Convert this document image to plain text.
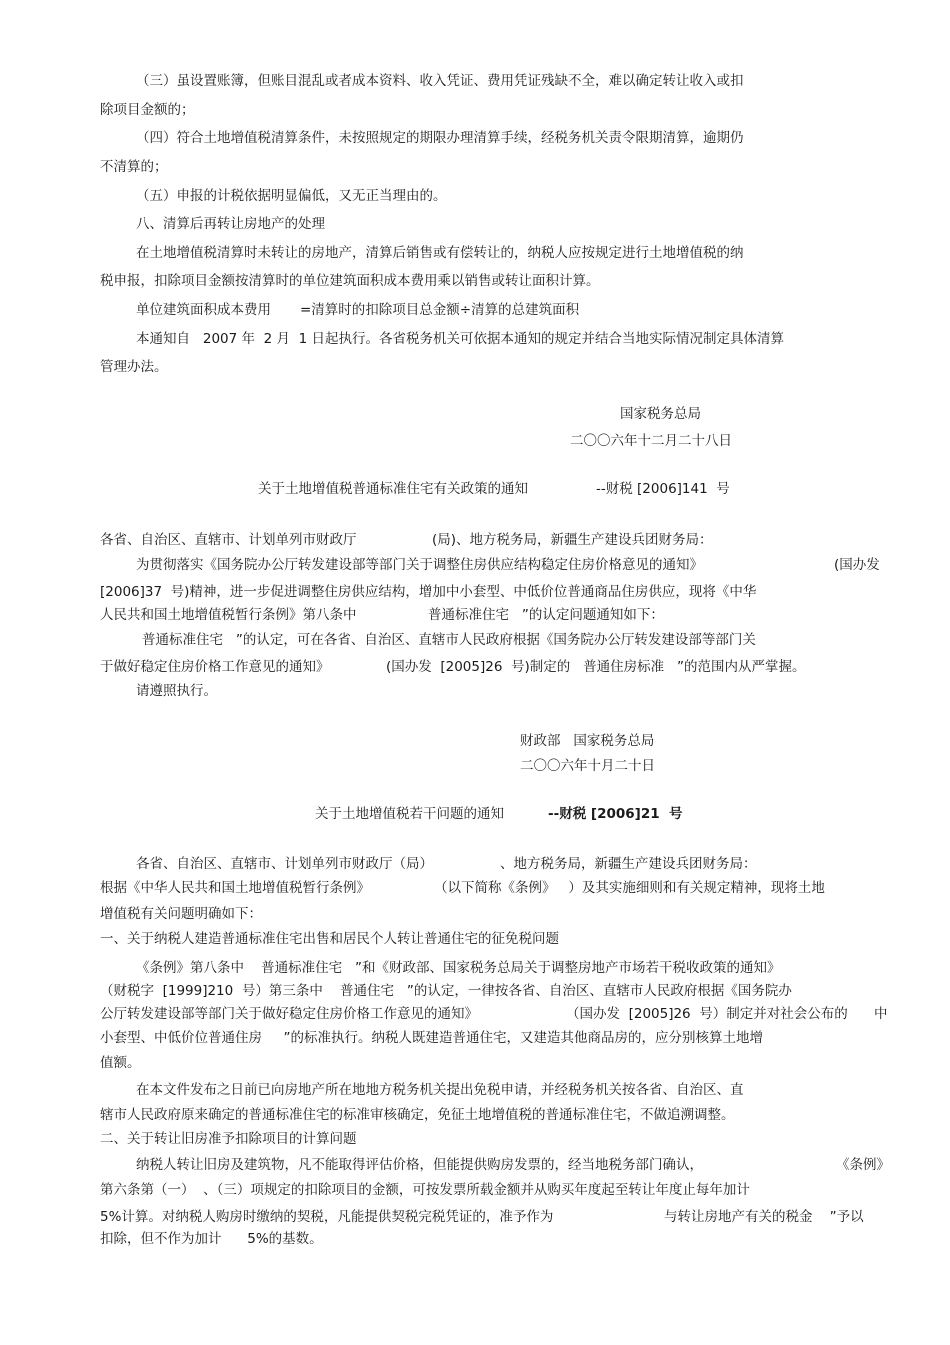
（三）虽设置账簿，但账目混乱或者成本资料、收入凭证、费用凭证残缺不全，难以确定转让收入或扣
除项目金额的；
（四）符合土地增值税清算条件，未按照规定的期限办理清算手续，经税务机关责令限期清算，逾期仍
不清算的；
（五）申报的计税依据明显偏低，又无正当理由的。
八、清算后再转让房地产的处理
在土地增值税清算时未转让的房地产，清算后销售或有偿转让的，纳税人应按规定进行土地增值税的纳
税申报，扣除项目金额按清算时的单位建筑面积成本费用乘以销售或转让面积计算。
单位建筑面积成本费用 =清算时的扣除项目总金额÷清算的总建筑面积
本通知自   2007 年  2 月  1 日起执行。各省税务机关可依据本通知的规定并结合当地实际情况制定具体清算
管理办法。
国家税务总局
二〇〇六年十二月二十八日
关于土地增值税普通标准住宅有关政策的通知	--财税 [2006]141  号
各省、自治区、直辖市、计划单列市财政厅	(局)、地方税务局，新疆生产建设兵团财务局：
为贯彻落实《国务院办公厅转发建设部等部门关于调整住房供应结构稳定住房价格意见的通知》	(国办发
[2006]37  号)精神，进一步促进调整住房供应结构，增加中小套型、中低价位普通商品住房供应，现将《中华
人民共和国土地增值税暂行条例》第八条中	普通标准住宅   ”的认定问题通知如下：
普通标准住宅   ”的认定，可在各省、自治区、直辖市人民政府根据《国务院办公厅转发建设部等部门关
于做好稳定住房价格工作意见的通知》	(国办发  [2005]26  号)制定的   普通住房标准   ”的范围内从严掌握。
请遵照执行。
财政部   国家税务总局
二〇〇六年十月二十日
关于土地增值税若干问题的通知	--财税 [2006]21  号
各省、自治区、直辖市、计划单列市财政厅（局）	、地方税务局，新疆生产建设兵团财务局：
根据《中华人民共和国土地增值税暂行条例》	（以下简称《条例》   ）及其实施细则和有关规定精神，现将土地
增值税有关问题明确如下：
一、关于纳税人建造普通标准住宅出售和居民个人转让普通住宅的征免税问题
《条例》第八条中    普通标准住宅   ”和《财政部、国家税务总局关于调整房地产市场若干税收政策的通知》
（财税字  [1999]210  号）第三条中    普通住宅   ”的认定，一律按各省、自治区、直辖市人民政府根据《国务院办
公厅转发建设部等部门关于做好稳定住房价格工作意见的通知》	（国办发  [2005]26  号）制定并对社会公布的 中
小套型、中低价位普通住房     ”的标准执行。纳税人既建造普通住宅，又建造其他商品房的，应分别核算土地增
值额。
在本文件发布之日前已向房地产所在地地方税务机关提出免税申请，并经税务机关按各省、自治区、直
辖市人民政府原来确定的普通标准住宅的标准审核确定，免征土地增值税的普通标准住宅，不做追溯调整。
二、关于转让旧房准予扣除项目的计算问题
纳税人转让旧房及建筑物，凡不能取得评估价格，但能提供购房发票的，经当地税务部门确认，	《条例》
第六条第（一）  、（三）项规定的扣除项目的金额，可按发票所载金额并从购买年度起至转让年度止每年加计
5%计算。对纳税人购房时缴纳的契税，凡能提供契税完税凭证的，准予作为	与转让房地产有关的税金    ”予以
扣除，但不作为加计      5%的基数。
